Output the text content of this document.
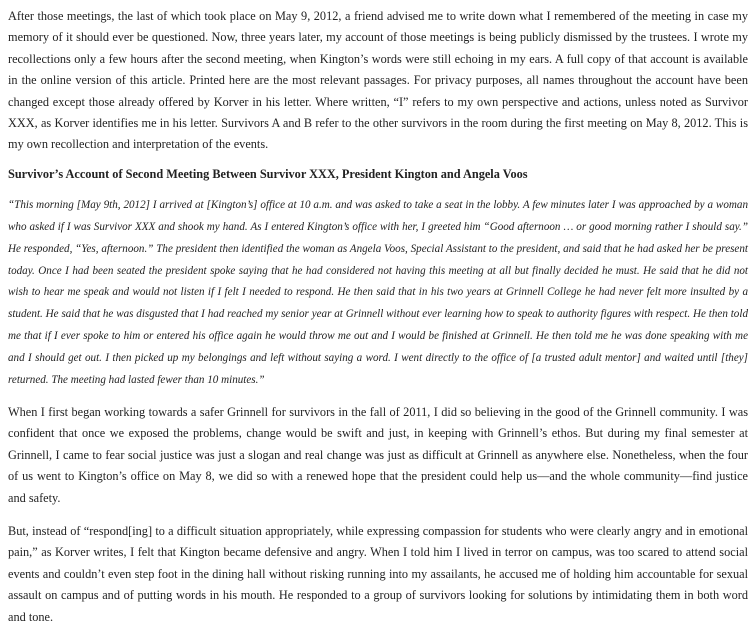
After those meetings, the last of which took place on May 9, 2012, a friend advised me to write down what I remembered of the meeting in case my memory of it should ever be questioned. Now, three years later, my account of those meetings is being publicly dismissed by the trustees. I wrote my recollections only a few hours after the second meeting, when Kington’s words were still echoing in my ears. A full copy of that account is available in the online version of this article. Printed here are the most relevant passages. For privacy purposes, all names throughout the account have been changed except those already offered by Korver in his letter. Where written, “I” refers to my own perspective and actions, unless noted as Survivor XXX, as Korver identifies me in his letter. Survivors A and B refer to the other survivors in the room during the first meeting on May 8, 2012. This is my own recollection and interpretation of the events.

Survivor’s Account of Second Meeting Between Survivor XXX, President Kington and Angela Voos

“This morning [May 9th, 2012] I arrived at [Kington’s] office at 10 a.m. and was asked to take a seat in the lobby. A few minutes later I was approached by a woman who asked if I was Survivor XXX and shook my hand. As I entered Kington’s office with her, I greeted him “Good afternoon … or good morning rather I should say.” He responded, “Yes, afternoon.” The president then identified the woman as Angela Voos, Special Assistant to the president, and said that he had asked her be present today. Once I had been seated the president spoke saying that he had considered not having this meeting at all but finally decided he must. He said that he did not wish to hear me speak and would not listen if I felt I needed to respond. He then said that in his two years at Grinnell College he had never felt more insulted by a student. He said that he was disgusted that I had reached my senior year at Grinnell without ever learning how to speak to authority figures with respect. He then told me that if I ever spoke to him or entered his office again he would throw me out and I would be finished at Grinnell. He then told me he was done speaking with me and I should get out. I then picked up my belongings and left without saying a word. I went directly to the office of [a trusted adult mentor] and waited until [they] returned. The meeting had lasted fewer than 10 minutes.”

When I first began working towards a safer Grinnell for survivors in the fall of 2011, I did so believing in the good of the Grinnell community. I was confident that once we exposed the problems, change would be swift and just, in keeping with Grinnell’s ethos. But during my final semester at Grinnell, I came to fear social justice was just a slogan and real change was just as difficult at Grinnell as anywhere else. Nonetheless, when the four of us went to Kington’s office on May 8, we did so with a renewed hope that the president could help us—and the whole community—find justice and safety.

But, instead of “respond[ing] to a difficult situation appropriately, while expressing compassion for students who were clearly angry and in emotional pain,” as Korver writes, I felt that Kington became defensive and angry. When I told him I lived in terror on campus, was too scared to attend social events and couldn’t even step foot in the dining hall without risking running into my assailants, he accused me of holding him accountable for sexual assault on campus and of putting words in his mouth. He responded to a group of survivors looking for solutions by intimidating them in both word and tone.
